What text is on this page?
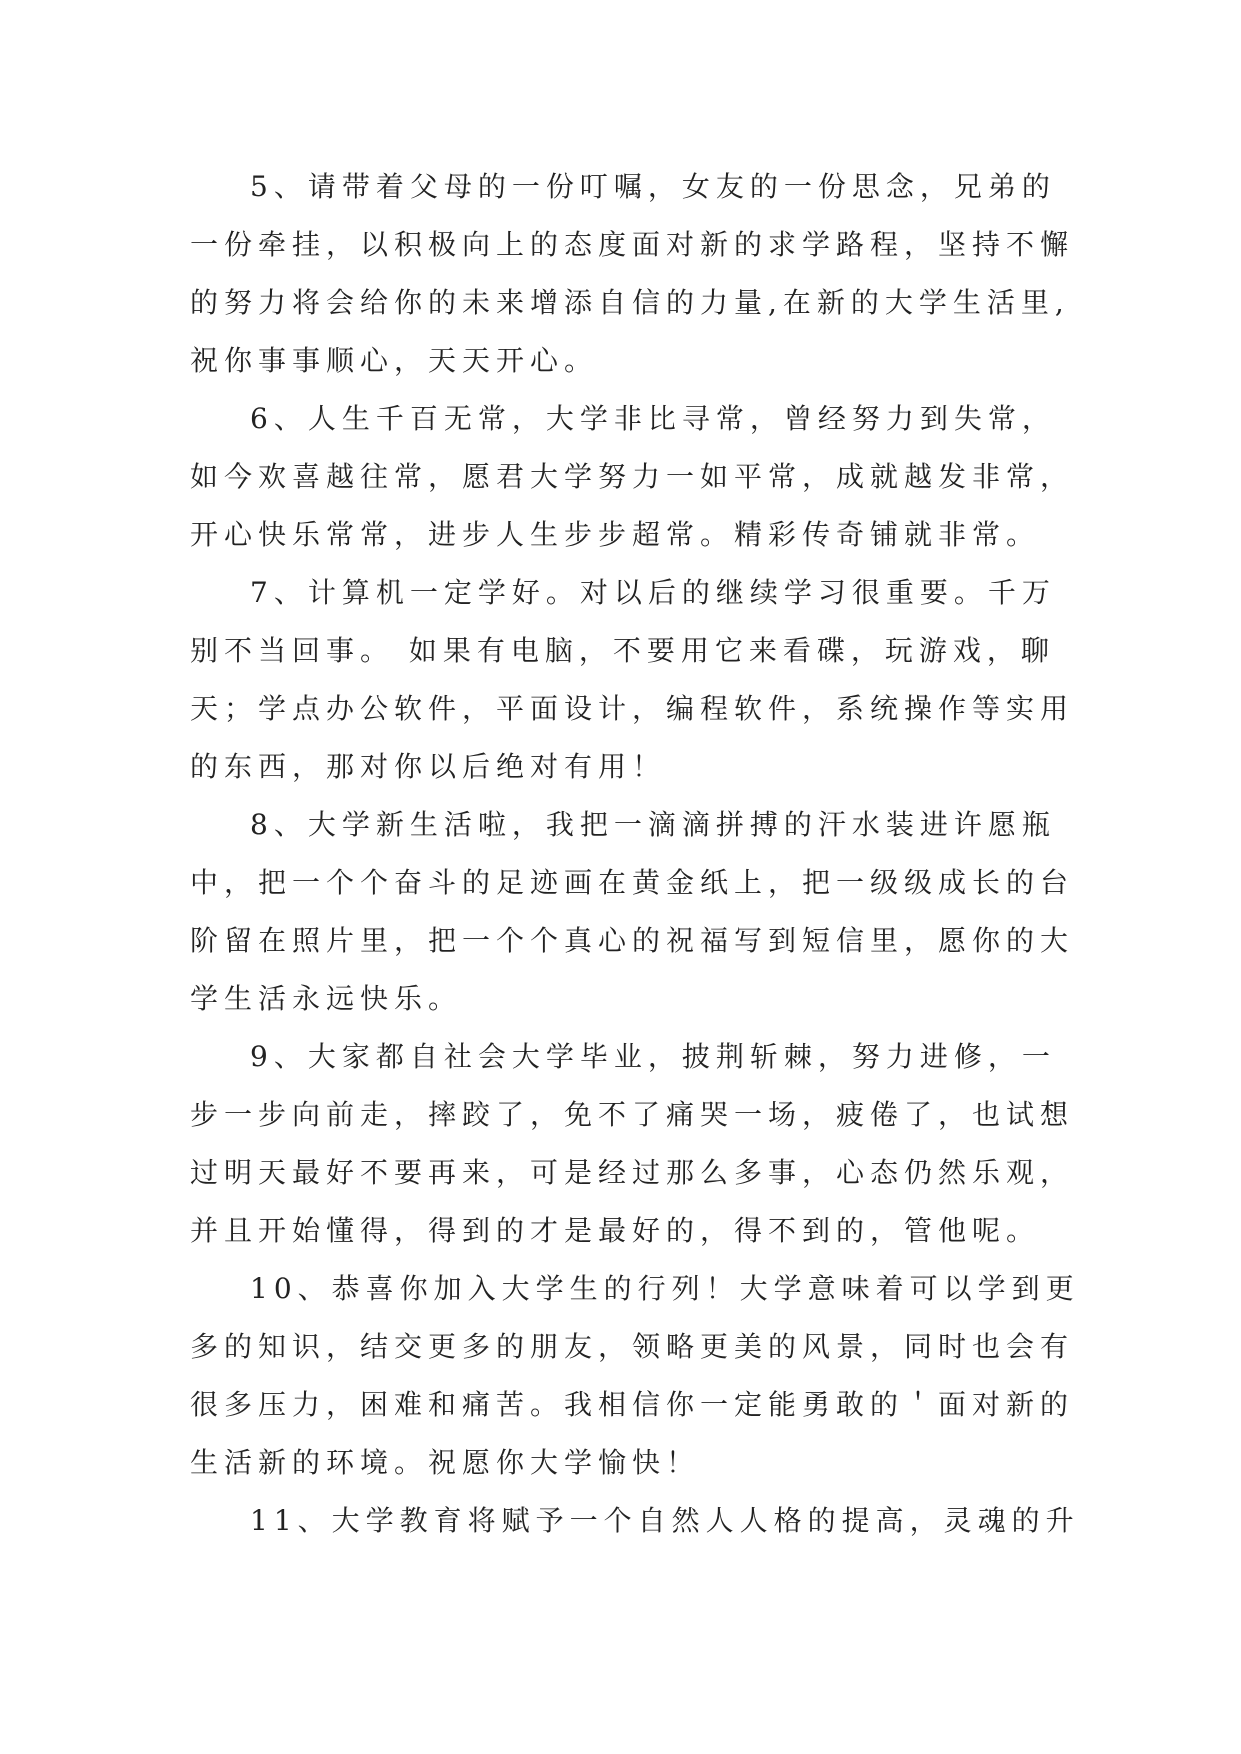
5、请带着父母的一份叮嘱，女友的一份思念，兄弟的
一份牵挂，以积极向上的态度面对新的求学路程，坚持不懈
的努力将会给你的未来增添自信的力量,在新的大学生活里,
祝你事事顺心，天天开心。
6、人生千百无常，大学非比寻常，曾经努力到失常，
如今欢喜越往常，愿君大学努力一如平常，成就越发非常，
开心快乐常常，进步人生步步超常。精彩传奇铺就非常。
7、计算机一定学好。对以后的继续学习很重要。千万
别不当回事。 如果有电脑，不要用它来看碟，玩游戏，聊
天；学点办公软件，平面设计，编程软件，系统操作等实用
的东西，那对你以后绝对有用！
8、大学新生活啦，我把一滴滴拼搏的汗水装进许愿瓶
中，把一个个奋斗的足迹画在黄金纸上，把一级级成长的台
阶留在照片里，把一个个真心的祝福写到短信里，愿你的大
学生活永远快乐。
9、大家都自社会大学毕业，披荆斩棘，努力进修，一
步一步向前走，摔跤了，免不了痛哭一场，疲倦了，也试想
过明天最好不要再来，可是经过那么多事，心态仍然乐观，
并且开始懂得，得到的才是最好的，得不到的，管他呢。
10、恭喜你加入大学生的行列！大学意味着可以学到更
多的知识，结交更多的朋友，领略更美的风景，同时也会有
很多压力，困难和痛苦。我相信你一定能勇敢的＇面对新的
生活新的环境。祝愿你大学愉快！
11、大学教育将赋予一个自然人人格的提高，灵魂的升
